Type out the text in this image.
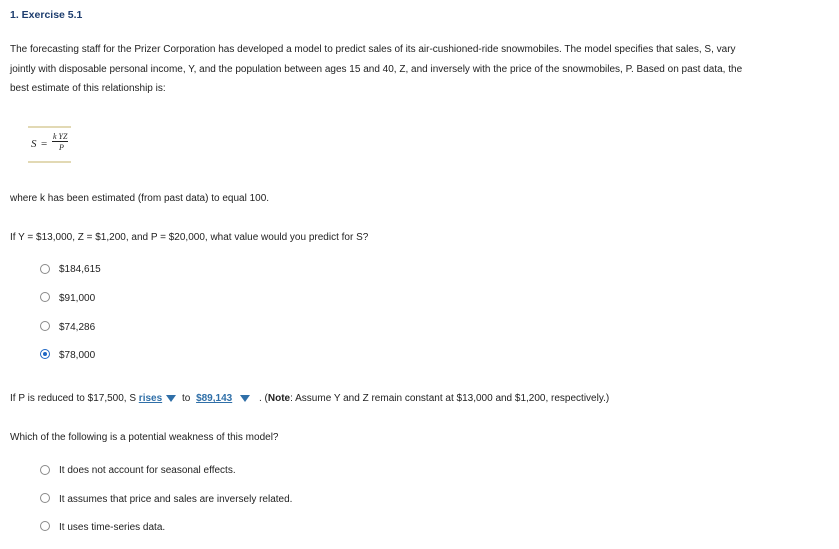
1. Exercise 5.1
The forecasting staff for the Prizer Corporation has developed a model to predict sales of its air-cushioned-ride snowmobiles. The model specifies that sales, S, vary jointly with disposable personal income, Y, and the population between ages 15 and 40, Z, and inversely with the price of the snowmobiles, P. Based on past data, the best estimate of this relationship is:
S =
k YZ
P
where k has been estimated (from past data) to equal 100.
If Y = $13,000, Z = $1,200, and P = $20,000, what value would you predict for S?
$184,615
$91,000
$74,286
$78,000
If P is reduced to $17,500, S rises to $89,143	. (Note: Assume Y and Z remain constant at $13,000 and $1,200, respectively.)
Which of the following is a potential weakness of this model?
It does not account for seasonal effects.
It assumes that price and sales are inversely related.
It uses time-series data.
